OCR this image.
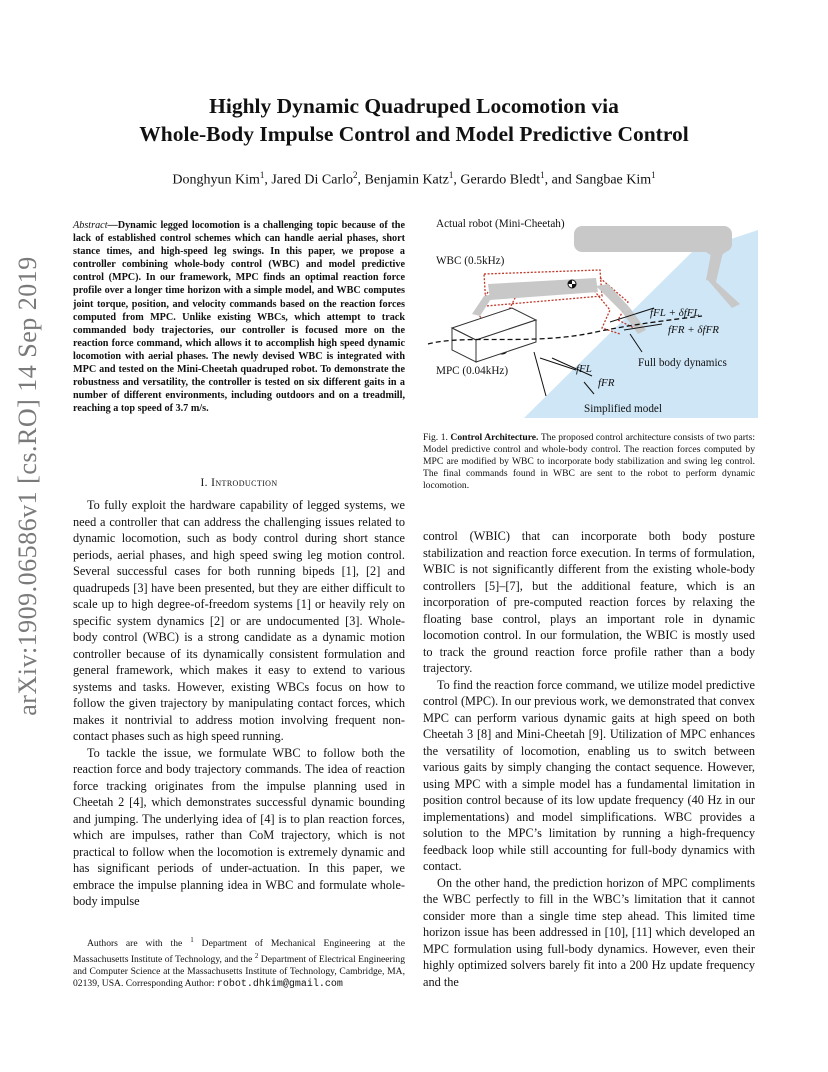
arXiv:1909.06586v1 [cs.RO] 14 Sep 2019
Highly Dynamic Quadruped Locomotion via
Whole-Body Impulse Control and Model Predictive Control
Donghyun Kim$^1$, Jared Di Carlo$^2$, Benjamin Katz$^1$, Gerardo Bledt$^1$, and Sangbae Kim$^1$
Abstract—Dynamic legged locomotion is a challenging topic because of the lack of established control schemes which can handle aerial phases, short stance times, and high-speed leg swings. In this paper, we propose a controller combining whole-body control (WBC) and model predictive control (MPC). In our framework, MPC finds an optimal reaction force profile over a longer time horizon with a simple model, and WBC computes joint torque, position, and velocity commands based on the reaction forces computed from MPC. Unlike existing WBCs, which attempt to track commanded body trajectories, our controller is focused more on the reaction force command, which allows it to accomplish high speed dynamic locomotion with aerial phases. The newly devised WBC is integrated with MPC and tested on the Mini-Cheetah quadruped robot. To demonstrate the robustness and versatility, the controller is tested on six different gaits in a number of different environments, including outdoors and on a treadmill, reaching a top speed of 3.7 m/s.
I. Introduction

To fully exploit the hardware capability of legged systems, we need a controller that can address the challenging issues related to dynamic locomotion, such as body control during short stance periods, aerial phases, and high speed swing leg motion control. Several successful cases for both running bipeds [1], [2] and quadrupeds [3] have been presented, but they are either difficult to scale up to high degree-of-freedom systems [1] or heavily rely on specific system dynamics [2] or are undocumented [3]. Whole-body control (WBC) is a strong candidate as a dynamic motion controller because of its dynamically consistent formulation and general framework, which makes it easy to extend to various systems and tasks. However, existing WBCs focus on how to follow the given trajectory by manipulating contact forces, which makes it nontrivial to address motion involving frequent non-contact phases such as high speed running.

To tackle the issue, we formulate WBC to follow both the reaction force and body trajectory commands. The idea of reaction force tracking originates from the impulse planning used in Cheetah 2 [4], which demonstrates successful dynamic bounding and jumping. The underlying idea of [4] is to plan reaction forces, which are impulses, rather than CoM trajectory, which is not practical to follow when the locomotion is extremely dynamic and has significant periods of under-actuation. In this paper, we embrace the impulse planning idea in WBC and formulate whole-body impulse

Authors are with the $^1$ Department of Mechanical Engineering at the Massachusetts Institute of Technology, and the $^2$ Department of Electrical Engineering and Computer Science at the Massachusetts Institute of Technology, Cambridge, MA, 02139, USA. Corresponding Author: robot.dhkim@gmail.com

Actual robot (Mini-Cheetah)
WBC (0.5kHz)
MPC (0.04kHz)
Full body dynamics
Simplified model
fFL + δfFL
fFR + δfFR
fFL
fFR
Fig. 1. Control Architecture. The proposed control architecture consists of two parts: Model predictive control and whole-body control. The reaction forces computed by MPC are modified by WBC to incorporate body stabilization and swing leg control. The final commands found in WBC are sent to the robot to perform dynamic locomotion.

control (WBIC) that can incorporate both body posture stabilization and reaction force execution. In terms of formulation, WBIC is not significantly different from the existing whole-body controllers [5]–[7], but the additional feature, which is an incorporation of pre-computed reaction forces by relaxing the floating base control, plays an important role in dynamic locomotion control. In our formulation, the WBIC is mostly used to track the ground reaction force profile rather than a body trajectory.

To find the reaction force command, we utilize model predictive control (MPC). In our previous work, we demonstrated that convex MPC can perform various dynamic gaits at high speed on both Cheetah 3 [8] and Mini-Cheetah [9]. Utilization of MPC enhances the versatility of locomotion, enabling us to switch between various gaits by simply changing the contact sequence. However, using MPC with a simple model has a fundamental limitation in position control because of its low update frequency (40 Hz in our implementations) and model simplifications. WBC provides a solution to the MPC’s limitation by running a high-frequency feedback loop while still accounting for full-body dynamics with contact.

On the other hand, the prediction horizon of MPC compliments the WBC perfectly to fill in the WBC’s limitation that it cannot consider more than a single time step ahead. This limited time horizon issue has been addressed in [10], [11] which developed an MPC formulation using full-body dynamics. However, even their highly optimized solvers barely fit into a 200 Hz update frequency and the
